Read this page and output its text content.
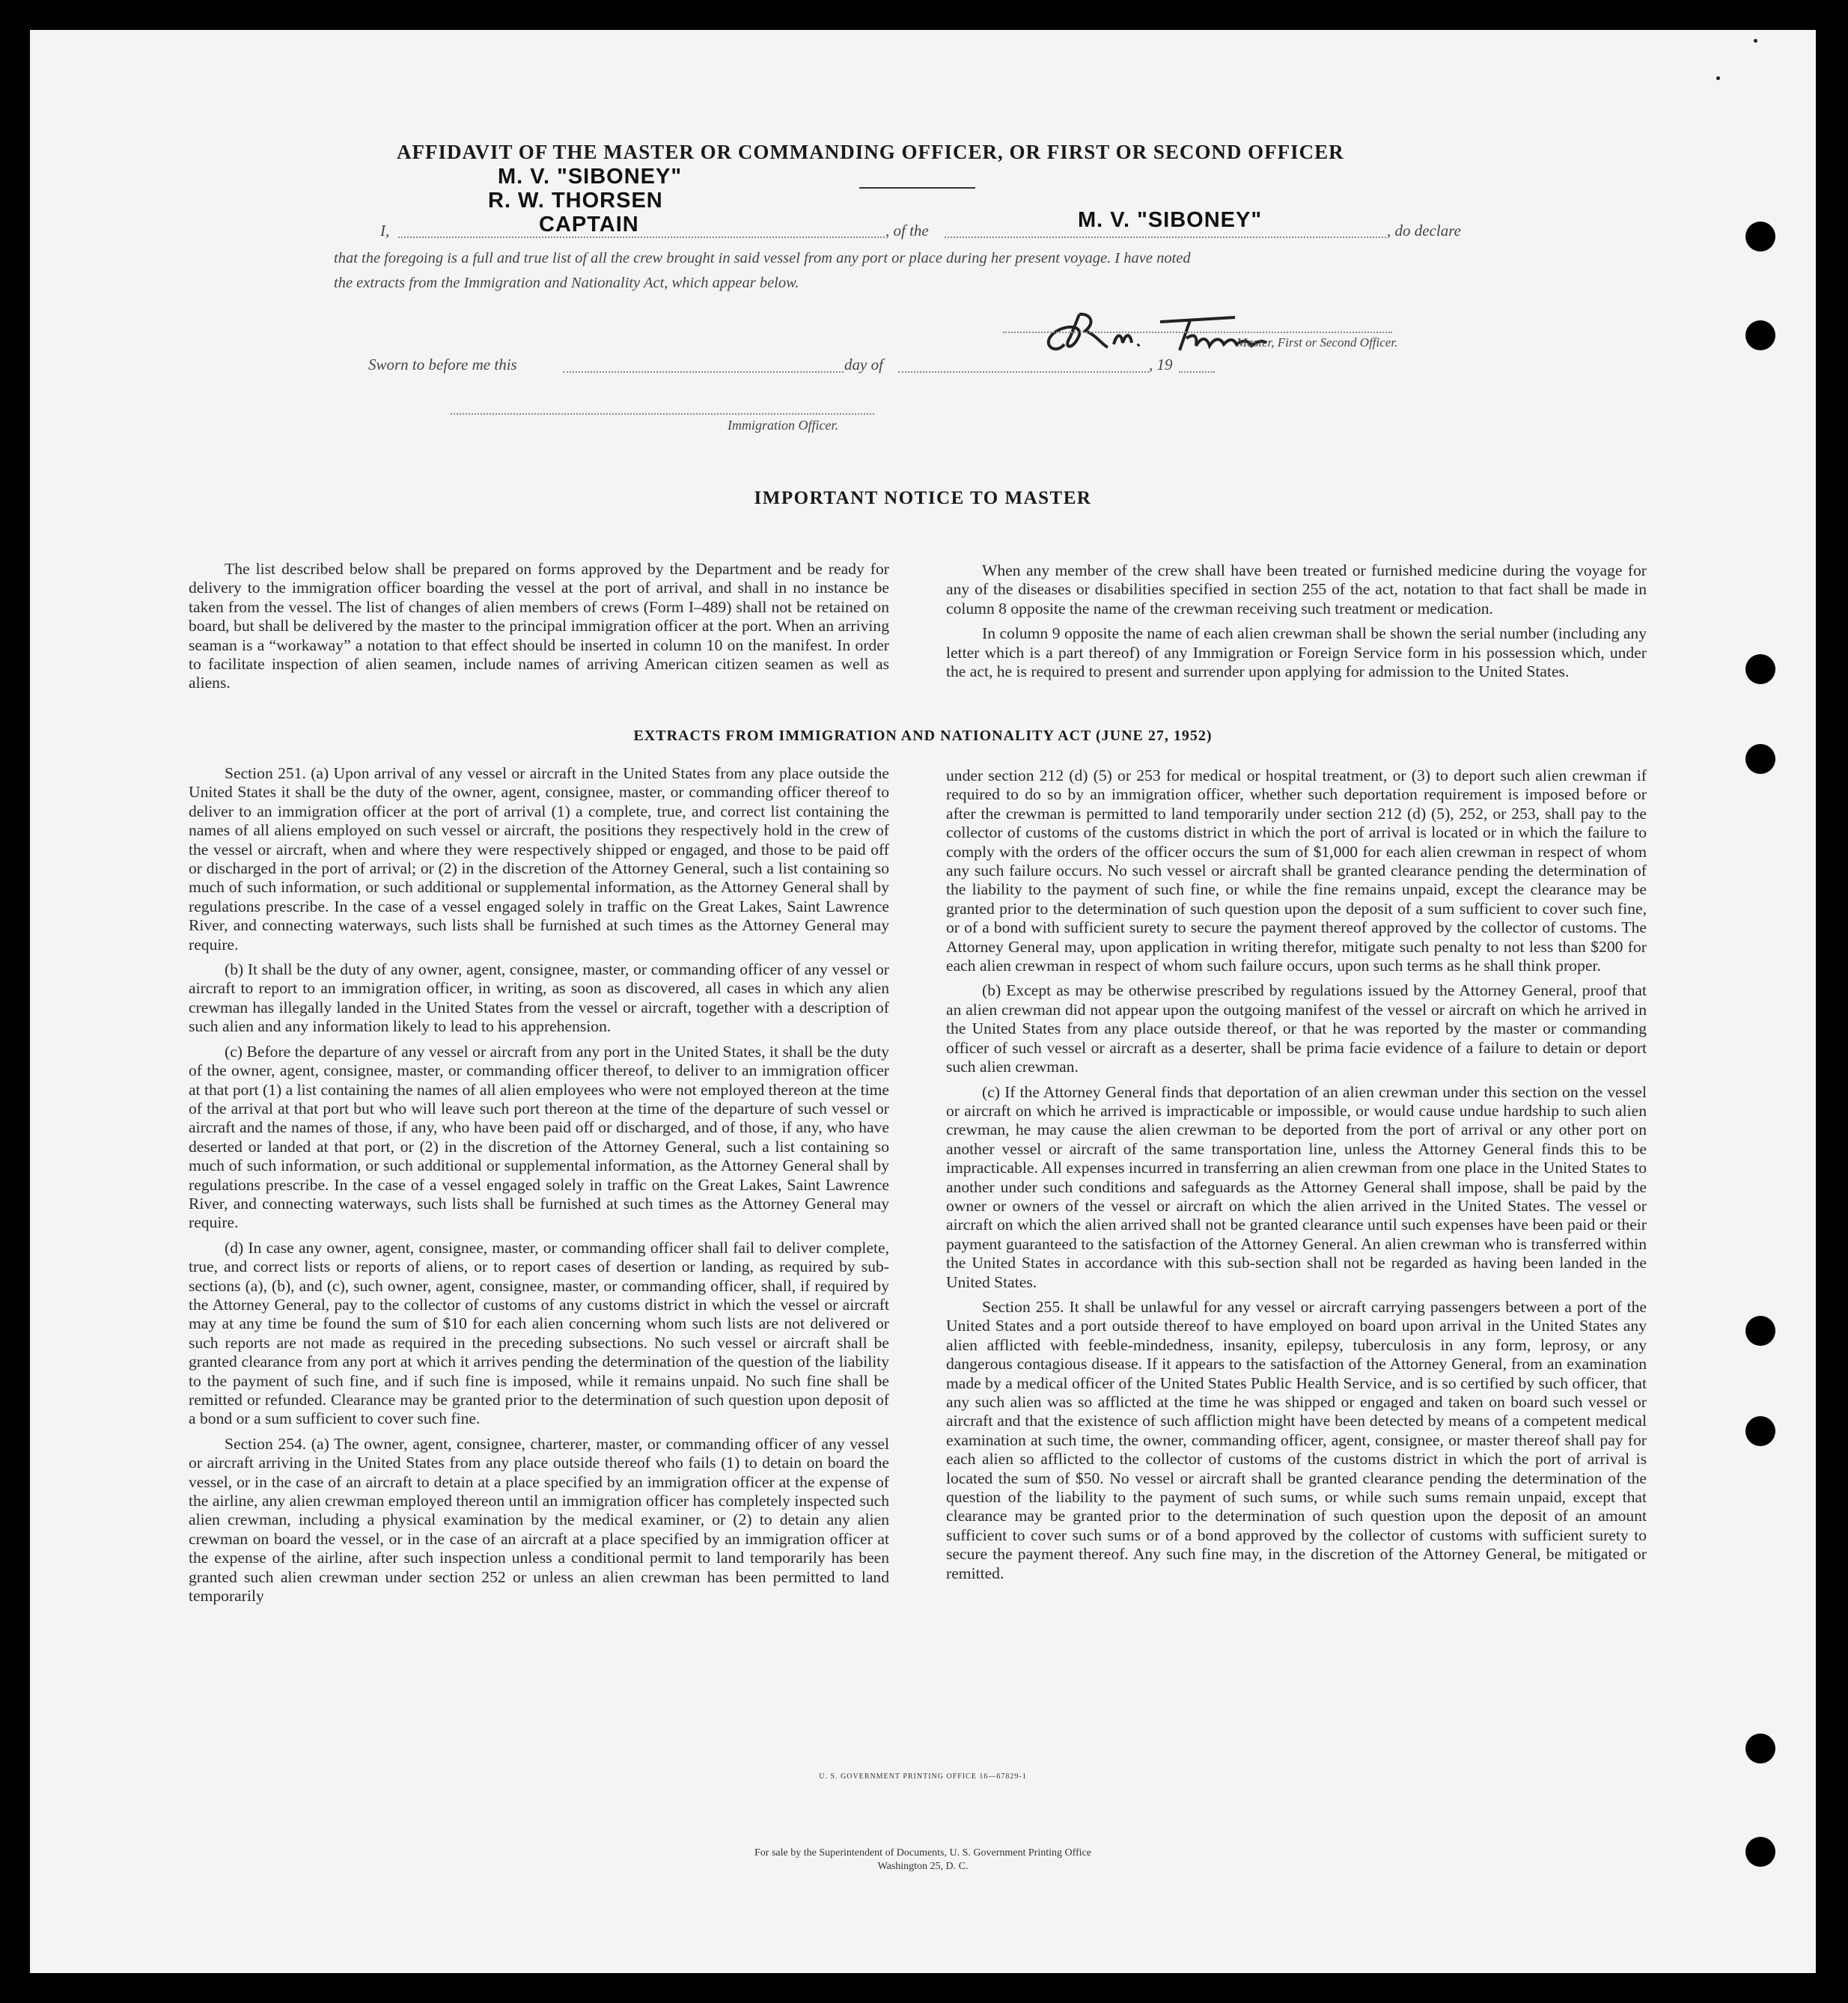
AFFIDAVIT OF THE MASTER OR COMMANDING OFFICER, OR FIRST OR SECOND OFFICER
M. V. "SIBONEY"
R. W. THORSEN
CAPTAIN
I,	, of the	M. V. "SIBONEY"	, do declare
that the foregoing is a full and true list of all the crew brought in said vessel from any port or place during her present voyage. I have noted
the extracts from the Immigration and Nationality Act, which appear below.
Master, First or Second Officer.
Sworn to before me this	day of	, 19
Immigration Officer.
IMPORTANT NOTICE TO MASTER

The list described below shall be prepared on forms approved by the Department and be ready for delivery to the immigration officer boarding the vessel at the port of arrival, and shall in no instance be taken from the vessel. The list of changes of alien members of crews (Form I–489) shall not be retained on board, but shall be delivered by the master to the principal immigration officer at the port. When an arriving seaman is a “workaway” a notation to that effect should be inserted in column 10 on the manifest. In order to facilitate inspection of alien seamen, include names of arriving American citizen seamen as well as aliens.

When any member of the crew shall have been treated or furnished medicine during the voyage for any of the diseases or disabilities specified in section 255 of the act, notation to that fact shall be made in column 8 opposite the name of the crewman receiving such treatment or medication.

In column 9 opposite the name of each alien crewman shall be shown the serial number (including any letter which is a part thereof) of any Immigration or Foreign Service form in his possession which, under the act, he is required to present and surrender upon applying for admission to the United States.

EXTRACTS FROM IMMIGRATION AND NATIONALITY ACT (JUNE 27, 1952)

Section 251. (a) Upon arrival of any vessel or aircraft in the United States from any place outside the United States it shall be the duty of the owner, agent, consignee, master, or commanding officer thereof to deliver to an immigration officer at the port of arrival (1) a complete, true, and correct list containing the names of all aliens employed on such vessel or aircraft, the positions they respectively hold in the crew of the vessel or aircraft, when and where they were respectively shipped or engaged, and those to be paid off or discharged in the port of arrival; or (2) in the discretion of the Attorney General, such a list containing so much of such information, or such additional or supplemental information, as the Attorney General shall by regulations prescribe. In the case of a vessel engaged solely in traffic on the Great Lakes, Saint Lawrence River, and connecting waterways, such lists shall be furnished at such times as the Attorney General may require.

(b) It shall be the duty of any owner, agent, consignee, master, or commanding officer of any vessel or aircraft to report to an immigration officer, in writing, as soon as discovered, all cases in which any alien crewman has illegally landed in the United States from the vessel or aircraft, together with a description of such alien and any information likely to lead to his apprehension.

(c) Before the departure of any vessel or aircraft from any port in the United States, it shall be the duty of the owner, agent, consignee, master, or commanding officer thereof, to deliver to an immigration officer at that port (1) a list containing the names of all alien employees who were not employed thereon at the time of the arrival at that port but who will leave such port thereon at the time of the departure of such vessel or aircraft and the names of those, if any, who have been paid off or discharged, and of those, if any, who have deserted or landed at that port, or (2) in the discretion of the Attorney General, such a list containing so much of such information, or such additional or supplemental information, as the Attorney General shall by regulations prescribe. In the case of a vessel engaged solely in traffic on the Great Lakes, Saint Lawrence River, and connecting waterways, such lists shall be furnished at such times as the Attorney General may require.

(d) In case any owner, agent, consignee, master, or commanding officer shall fail to deliver complete, true, and correct lists or reports of aliens, or to report cases of desertion or landing, as required by sub-sections (a), (b), and (c), such owner, agent, consignee, master, or commanding officer, shall, if required by the Attorney General, pay to the collector of customs of any customs district in which the vessel or aircraft may at any time be found the sum of $10 for each alien concerning whom such lists are not delivered or such reports are not made as required in the preceding subsections. No such vessel or aircraft shall be granted clearance from any port at which it arrives pending the determination of the question of the liability to the payment of such fine, and if such fine is imposed, while it remains unpaid. No such fine shall be remitted or refunded. Clearance may be granted prior to the determination of such question upon deposit of a bond or a sum sufficient to cover such fine.

Section 254. (a) The owner, agent, consignee, charterer, master, or commanding officer of any vessel or aircraft arriving in the United States from any place outside thereof who fails (1) to detain on board the vessel, or in the case of an aircraft to detain at a place specified by an immigration officer at the expense of the airline, any alien crewman employed thereon until an immigration officer has completely inspected such alien crewman, including a physical examination by the medical examiner, or (2) to detain any alien crewman on board the vessel, or in the case of an aircraft at a place specified by an immigration officer at the expense of the airline, after such inspection unless a conditional permit to land temporarily has been granted such alien crewman under section 252 or unless an alien crewman has been permitted to land temporarily

under section 212 (d) (5) or 253 for medical or hospital treatment, or (3) to deport such alien crewman if required to do so by an immigration officer, whether such deportation requirement is imposed before or after the crewman is permitted to land temporarily under section 212 (d) (5), 252, or 253, shall pay to the collector of customs of the customs district in which the port of arrival is located or in which the failure to comply with the orders of the officer occurs the sum of $1,000 for each alien crewman in respect of whom any such failure occurs. No such vessel or aircraft shall be granted clearance pending the determination of the liability to the payment of such fine, or while the fine remains unpaid, except the clearance may be granted prior to the determination of such question upon the deposit of a sum sufficient to cover such fine, or of a bond with sufficient surety to secure the payment thereof approved by the collector of customs. The Attorney General may, upon application in writing therefor, mitigate such penalty to not less than $200 for each alien crewman in respect of whom such failure occurs, upon such terms as he shall think proper.

(b) Except as may be otherwise prescribed by regulations issued by the Attorney General, proof that an alien crewman did not appear upon the outgoing manifest of the vessel or aircraft on which he arrived in the United States from any place outside thereof, or that he was reported by the master or commanding officer of such vessel or aircraft as a deserter, shall be prima facie evidence of a failure to detain or deport such alien crewman.

(c) If the Attorney General finds that deportation of an alien crewman under this section on the vessel or aircraft on which he arrived is impracticable or impossible, or would cause undue hardship to such alien crewman, he may cause the alien crewman to be deported from the port of arrival or any other port on another vessel or aircraft of the same transportation line, unless the Attorney General finds this to be impracticable. All expenses incurred in transferring an alien crewman from one place in the United States to another under such conditions and safeguards as the Attorney General shall impose, shall be paid by the owner or owners of the vessel or aircraft on which the alien arrived in the United States. The vessel or aircraft on which the alien arrived shall not be granted clearance until such expenses have been paid or their payment guaranteed to the satisfaction of the Attorney General. An alien crewman who is transferred within the United States in accordance with this sub-section shall not be regarded as having been landed in the United States.

Section 255. It shall be unlawful for any vessel or aircraft carrying passengers between a port of the United States and a port outside thereof to have employed on board upon arrival in the United States any alien afflicted with feeble-mindedness, insanity, epilepsy, tuberculosis in any form, leprosy, or any dangerous contagious disease. If it appears to the satisfaction of the Attorney General, from an examination made by a medical officer of the United States Public Health Service, and is so certified by such officer, that any such alien was so afflicted at the time he was shipped or engaged and taken on board such vessel or aircraft and that the existence of such affliction might have been detected by means of a competent medical examination at such time, the owner, commanding officer, agent, consignee, or master thereof shall pay for each alien so afflicted to the collector of customs of the customs district in which the port of arrival is located the sum of $50. No vessel or aircraft shall be granted clearance pending the determination of the question of the liability to the payment of such sums, or while such sums remain unpaid, except that clearance may be granted prior to the determination of such question upon the deposit of an amount sufficient to cover such sums or of a bond approved by the collector of customs with sufficient surety to secure the payment thereof. Any such fine may, in the discretion of the Attorney General, be mitigated or remitted.

U. S. GOVERNMENT PRINTING OFFICE 16—67829-1
For sale by the Superintendent of Documents, U. S. Government Printing Office
Washington 25, D. C.
